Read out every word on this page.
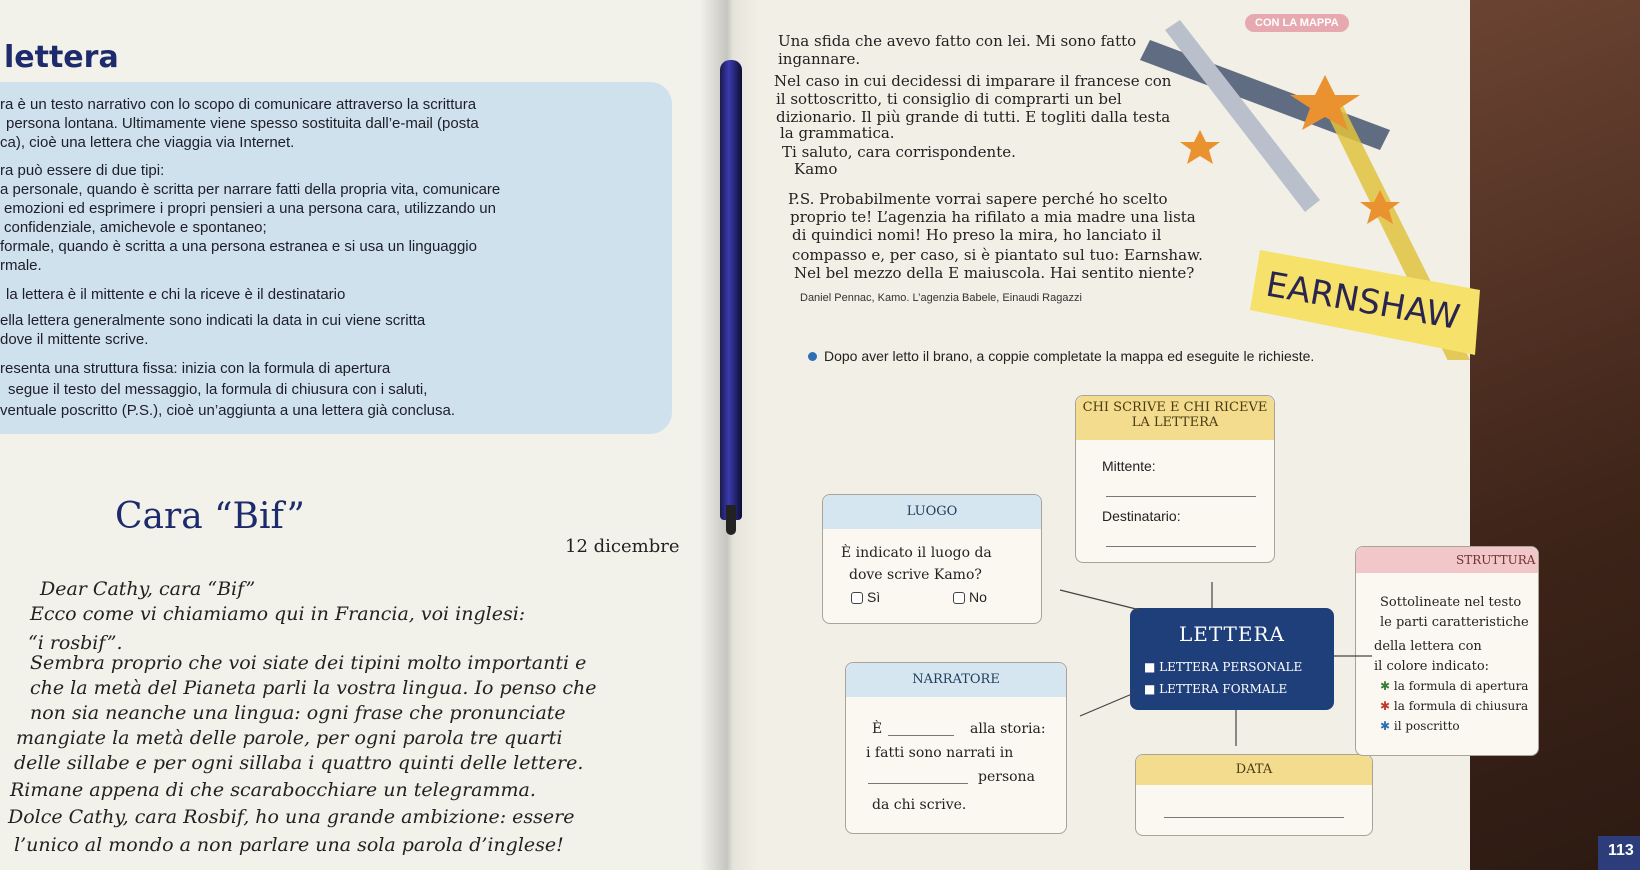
lettera
ra è un testo narrativo con lo scopo di comunicare attraverso la scrittura
persona lontana. Ultimamente viene spesso sostituita dall’e-mail (posta
ca), cioè una lettera che viaggia via Internet.
ra può essere di due tipi:
a personale, quando è scritta per narrare fatti della propria vita, comunicare
emozioni ed esprimere i propri pensieri a una persona cara, utilizzando un
confidenziale, amichevole e spontaneo;
formale, quando è scritta a una persona estranea e si usa un linguaggio
rmale.
la lettera è il mittente e chi la riceve è il destinatario
ella lettera generalmente sono indicati la data in cui viene scritta
dove il mittente scrive.
resenta una struttura fissa: inizia con la formula di apertura
segue il testo del messaggio, la formula di chiusura con i saluti,
ventuale poscritto (P.S.), cioè un’aggiunta a una lettera già conclusa.
Cara “Bif”
12 dicembre
Dear Cathy, cara “Bif”
Ecco come vi chiamiamo qui in Francia, voi inglesi:
“i rosbif”.
Sembra proprio che voi siate dei tipini molto importanti e
che la metà del Pianeta parli la vostra lingua. Io penso che
non sia neanche una lingua: ogni frase che pronunciate
mangiate la metà delle parole, per ogni parola tre quarti
delle sillabe e per ogni sillaba i quattro quinti delle lettere.
Rimane appena di che scarabocchiare un telegramma.
Dolce Cathy, cara Rosbif, ho una grande ambizione: essere
l’unico al mondo a non parlare una sola parola d’inglese!
Una sfida che avevo fatto con lei. Mi sono fatto
ingannare.
Nel caso in cui decidessi di imparare il francese con
il sottoscritto, ti consiglio di comprarti un bel
dizionario. Il più grande di tutti. E togliti dalla testa
la grammatica.
Ti saluto, cara corrispondente.
Kamo
P.S. Probabilmente vorrai sapere perché ho scelto
proprio te! L’agenzia ha rifilato a mia madre una lista
di quindici nomi! Ho preso la mira, ho lanciato il
compasso e, per caso, si è piantato sul tuo: Earnshaw.
Nel bel mezzo della E maiuscola. Hai sentito niente?
Daniel Pennac, Kamo. L’agenzia Babele, Einaudi Ragazzi	EARNSHAW
CON LA MAPPA
Dopo aver letto il brano, a coppie completate la mappa ed eseguite le richieste.
CHI SCRIVE E CHI RICEVE LA LETTERA
Mittente:
Destinatario:
LUOGO
È indicato il luogo da
dove scrive Kamo?
Sì	No
LETTERA
■ LETTERA PERSONALE
■ LETTERA FORMALE
NARRATORE
È	alla storia:
i fatti sono narrati in
persona
da chi scrive.
DATA
STRUTTURA
Sottolineate nel testo
le parti caratteristiche
della lettera con
il colore indicato:
✱ la formula di apertura
✱ la formula di chiusura
✱ il poscritto
113
